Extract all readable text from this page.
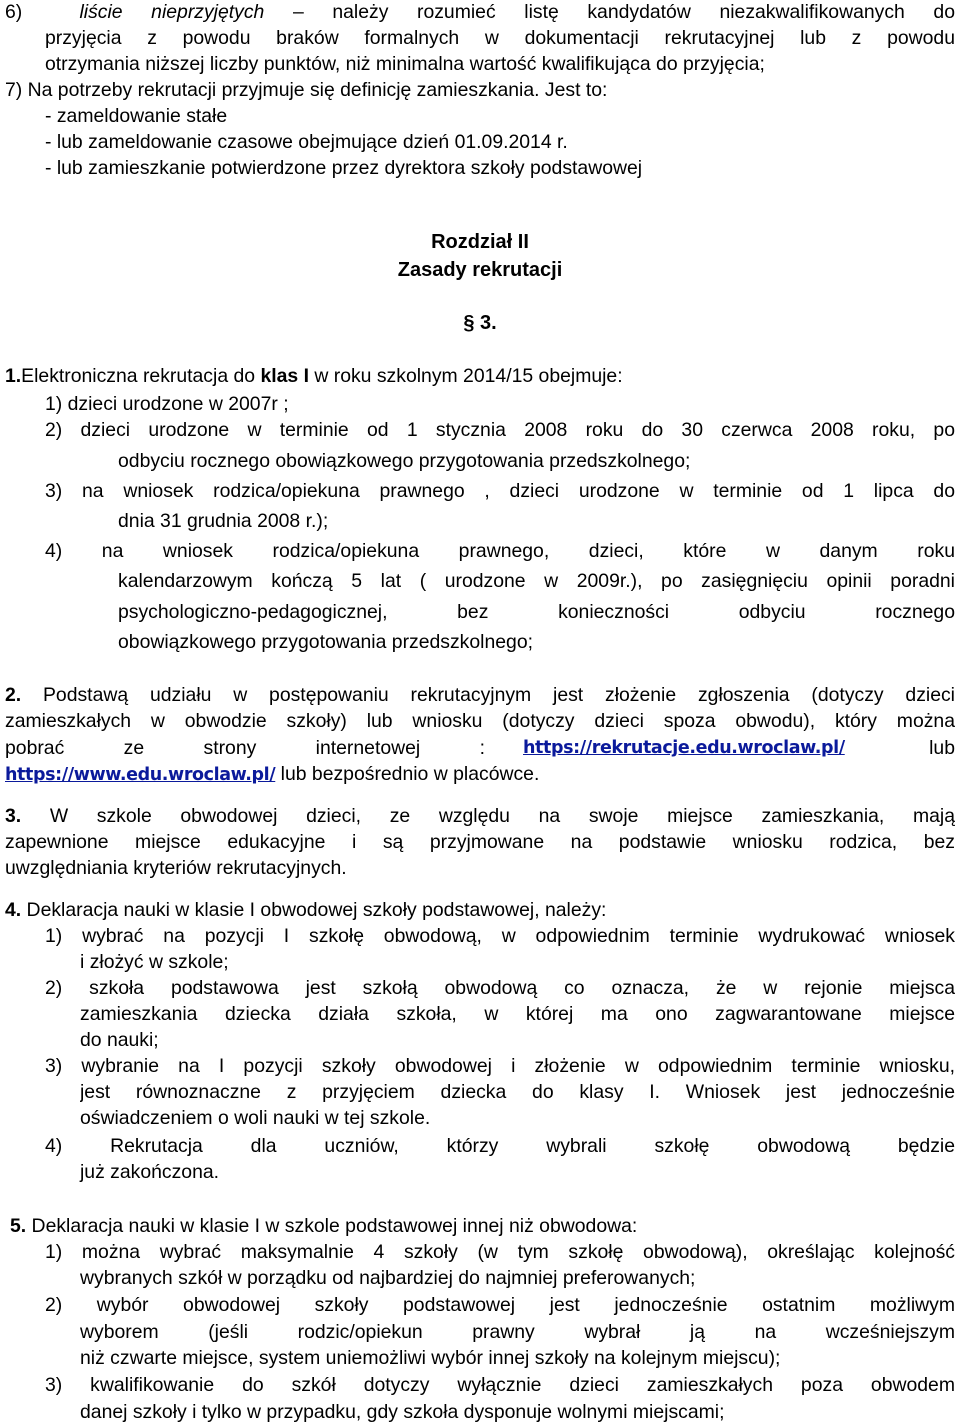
6)	liście nieprzyjętych – należy rozumieć listę kandydatów niezakwalifikowanych do
przyjęcia z powodu braków formalnych w dokumentacji rekrutacyjnej lub z powodu
otrzymania niższej liczby punktów, niż minimalna wartość kwalifikująca do przyjęcia;
7) Na potrzeby rekrutacji przyjmuje się definicję zamieszkania. Jest to:
- zameldowanie stałe
- lub zameldowanie czasowe obejmujące dzień 01.09.2014 r.
- lub zamieszkanie potwierdzone przez dyrektora szkoły podstawowej
Rozdział II
Zasady rekrutacji
§ 3.
1.Elektroniczna rekrutacja do klas I w roku szkolnym 2014/15 obejmuje:
1) dzieci urodzone w 2007r ;
2) dzieci urodzone w terminie od 1 stycznia 2008 roku do 30 czerwca 2008 roku, po
odbyciu rocznego obowiązkowego przygotowania przedszkolnego;
3) na wniosek rodzica/opiekuna prawnego , dzieci urodzone w terminie od 1 lipca do
dnia 31 grudnia 2008 r.);
4) na wniosek rodzica/opiekuna prawnego, dzieci, które w danym roku
kalendarzowym kończą 5 lat ( urodzone w 2009r.), po zasięgnięciu opinii poradni
psychologiczno-pedagogicznej, bez konieczności odbyciu rocznego
obowiązkowego przygotowania przedszkolnego;
2. Podstawą udziału w postępowaniu rekrutacyjnym jest złożenie zgłoszenia (dotyczy dzieci
zamieszkałych w obwodzie szkoły) lub wniosku (dotyczy dzieci spoza obwodu), który można
pobrać	ze	strony	internetowej	: https://rekrutacje.edu.wroclaw.pl/	lub
https://www.edu.wroclaw.pl/ lub bezpośrednio w placówce.
3. W szkole obwodowej dzieci, ze względu na swoje miejsce zamieszkania, mają
zapewnione miejsce edukacyjne i są przyjmowane na podstawie wniosku rodzica, bez
uwzględniania kryteriów rekrutacyjnych.
4. Deklaracja nauki w klasie I obwodowej szkoły podstawowej, należy:
1) wybrać na pozycji I szkołę obwodową, w odpowiednim terminie wydrukować wniosek
i złożyć w szkole;
2) szkoła podstawowa jest szkołą obwodową co oznacza, że w rejonie miejsca
zamieszkania dziecka działa szkoła, w której ma ono zagwarantowane miejsce
do nauki;
3) wybranie na I pozycji szkoły obwodowej i złożenie w odpowiednim terminie wniosku,
jest równoznaczne z przyjęciem dziecka do klasy I. Wniosek jest jednocześnie
oświadczeniem o woli nauki w tej szkole.
4) Rekrutacja dla uczniów, którzy wybrali szkołę obwodową będzie
już zakończona.
5. Deklaracja nauki w klasie I w szkole podstawowej innej niż obwodowa:
1) można wybrać maksymalnie 4 szkoły (w tym szkołę obwodową), określając kolejność
wybranych szkół w porządku od najbardziej do najmniej preferowanych;
2) wybór obwodowej szkoły podstawowej jest jednocześnie ostatnim możliwym
wyborem (jeśli rodzic/opiekun prawny wybrał ją na wcześniejszym
niż czwarte miejsce, system uniemożliwi wybór innej szkoły na kolejnym miejscu);
3) kwalifikowanie do szkół dotyczy wyłącznie dzieci zamieszkałych poza obwodem
danej szkoły i tylko w przypadku, gdy szkoła dysponuje wolnymi miejscami;
